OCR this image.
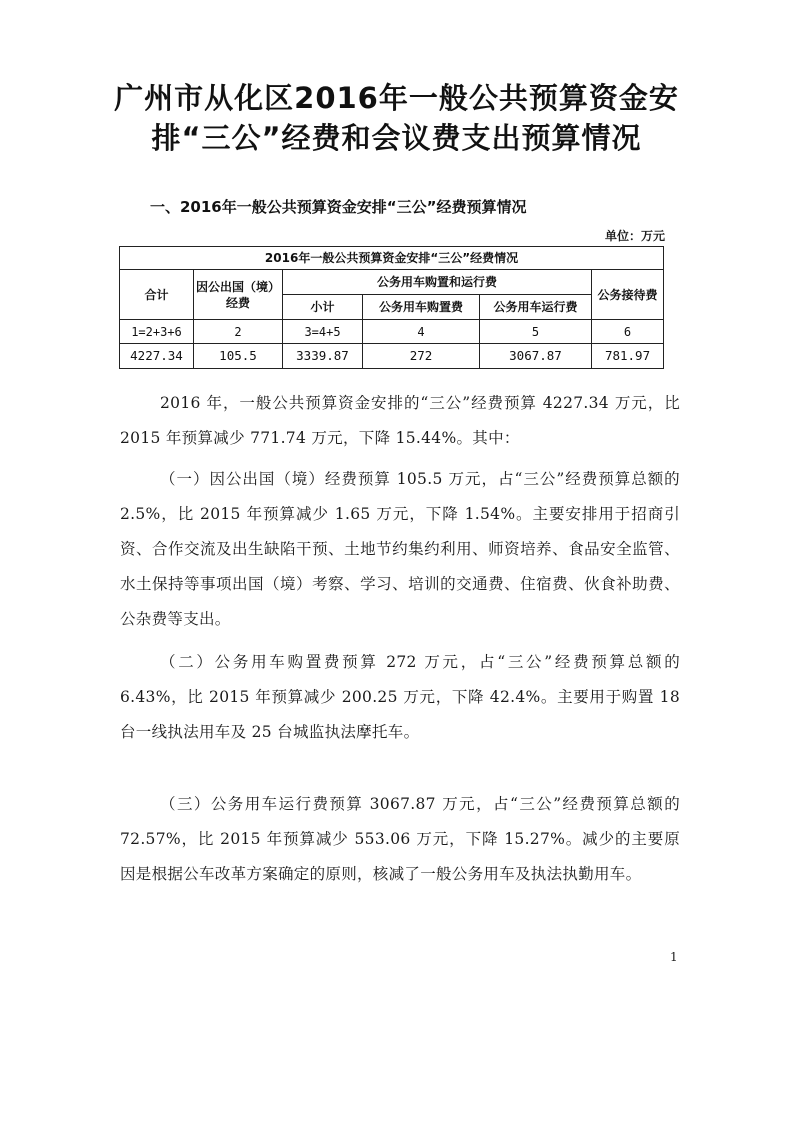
广州市从化区2016年一般公共预算资金安
排“三公”经费和会议费支出预算情况
一、2016年一般公共预算资金安排“三公”经费预算情况
单位：万元
2016年一般公共预算资金安排“三公”经费情况					
合计	因公出国（境）经费	公务用车购置和运行费			公务接待费
		小计	公务用车购置费	公务用车运行费	
1=2+3+6	2	3=4+5	4	5	6
4227.34	105.5	3339.87	272	3067.87	781.97

2016 年，一般公共预算资金安排的“三公”经费预算 4227.34 万元，比 2015 年预算减少 771.74 万元，下降 15.44%。其中：

（一）因公出国（境）经费预算 105.5 万元，占“三公”经费预算总额的 2.5%，比 2015 年预算减少 1.65 万元，下降 1.54%。主要安排用于招商引资、合作交流及出生缺陷干预、土地节约集约利用、师资培养、食品安全监管、水土保持等事项出国（境）考察、学习、培训的交通费、住宿费、伙食补助费、公杂费等支出。

（二）公务用车购置费预算 272 万元，占“三公”经费预算总额的 6.43%，比 2015 年预算减少 200.25 万元，下降 42.4%。主要用于购置 18 台一线执法用车及 25 台城监执法摩托车。

（三）公务用车运行费预算 3067.87 万元，占“三公”经费预算总额的 72.57%，比 2015 年预算减少 553.06 万元，下降 15.27%。减少的主要原因是根据公车改革方案确定的原则，核减了一般公务用车及执法执勤用车。

1
